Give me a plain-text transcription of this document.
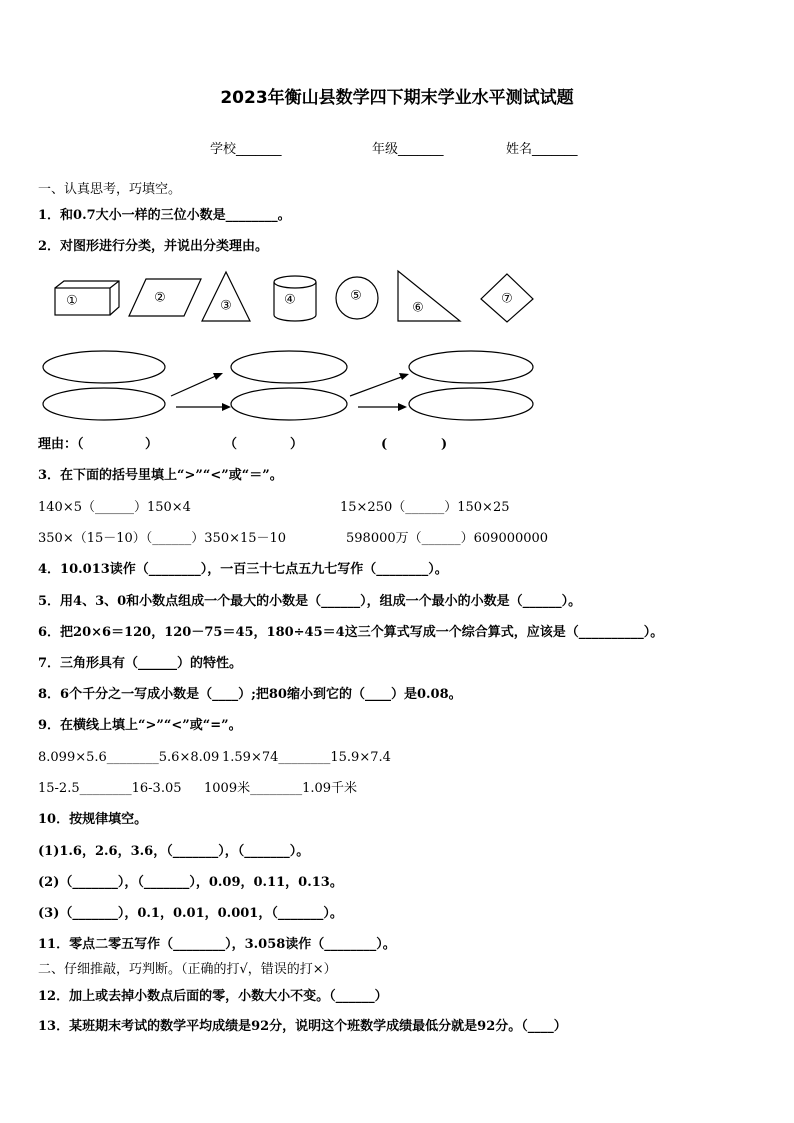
2023年衡山县数学四下期末学业水平测试试题
学校_______	年级_______	姓名_______
一、认真思考，巧填空。
1．和0.7大小一样的三位小数是________。
2．对图形进行分类，并说出分类理由。
①	②
③	④	⑤
⑥
⑦
理由：（	）	（	）	(	)
3．在下面的括号里填上“>”“<”或“＝”。
140×5（______）150×4	15×250（______）150×25
350×（15－10）（______）350×15－10	598000万（______）609000000
4．10.013读作（________），一百三十七点五九七写作（________）。
5．用4、3、0和小数点组成一个最大的小数是（______），组成一个最小的小数是（______）。
6．把20×6＝120，120－75＝45，180÷45＝4这三个算式写成一个综合算式，应该是（__________）。
7．三角形具有（______）的特性。
8．6个千分之一写成小数是（____）;把80缩小到它的（____）是0.08。
9．在横线上填上“>”“<”或“=”。
8.099×5.6________5.6×8.09 1.59×74________15.9×7.4
15-2.5________16-3.05 1009米________1.09千米
10．按规律填空。
(1)1.6，2.6，3.6，（_______），（_______）。
(2)（_______），（_______），0.09，0.11，0.13。
(3)（_______），0.1，0.01，0.001，（_______）。
11．零点二零五写作（________），3.058读作（________）。
二、仔细推敲，巧判断。（正确的打√，错误的打×）
12．加上或去掉小数点后面的零，小数大小不变。（______）
13．某班期末考试的数学平均成绩是92分，说明这个班数学成绩最低分就是92分。（____）
